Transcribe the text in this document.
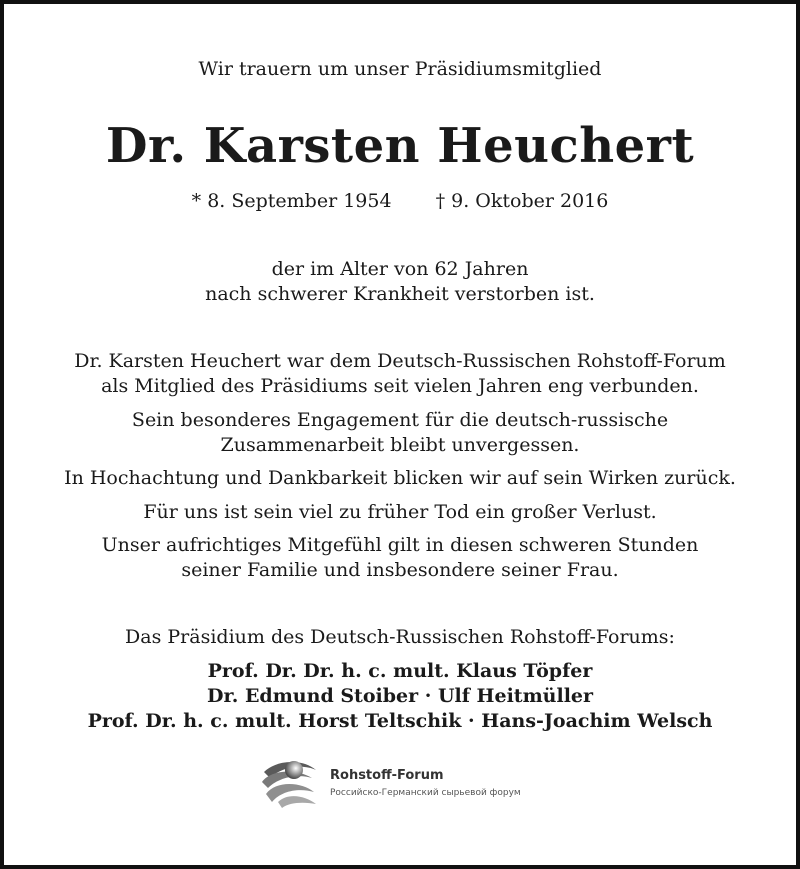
Wir trauern um unser Präsidiumsmitglied
Dr. Karsten Heuchert
* 8. September 1954 † 9. Oktober 2016
der im Alter von 62 Jahren
nach schwerer Krankheit verstorben ist.
Dr. Karsten Heuchert war dem Deutsch-Russischen Rohstoff-Forum
als Mitglied des Präsidiums seit vielen Jahren eng verbunden.
Sein besonderes Engagement für die deutsch-russische
Zusammenarbeit bleibt unvergessen.
In Hochachtung und Dankbarkeit blicken wir auf sein Wirken zurück.
Für uns ist sein viel zu früher Tod ein großer Verlust.
Unser aufrichtiges Mitgefühl gilt in diesen schweren Stunden
seiner Familie und insbesondere seiner Frau.
Das Präsidium des Deutsch-Russischen Rohstoff-Forums:
Prof. Dr. Dr. h. c. mult. Klaus Töpfer
Dr. Edmund Stoiber · Ulf Heitmüller
Prof. Dr. h. c. mult. Horst Teltschik · Hans-Joachim Welsch
Rohstoff-Forum
Российско-Германский сырьевой форум
